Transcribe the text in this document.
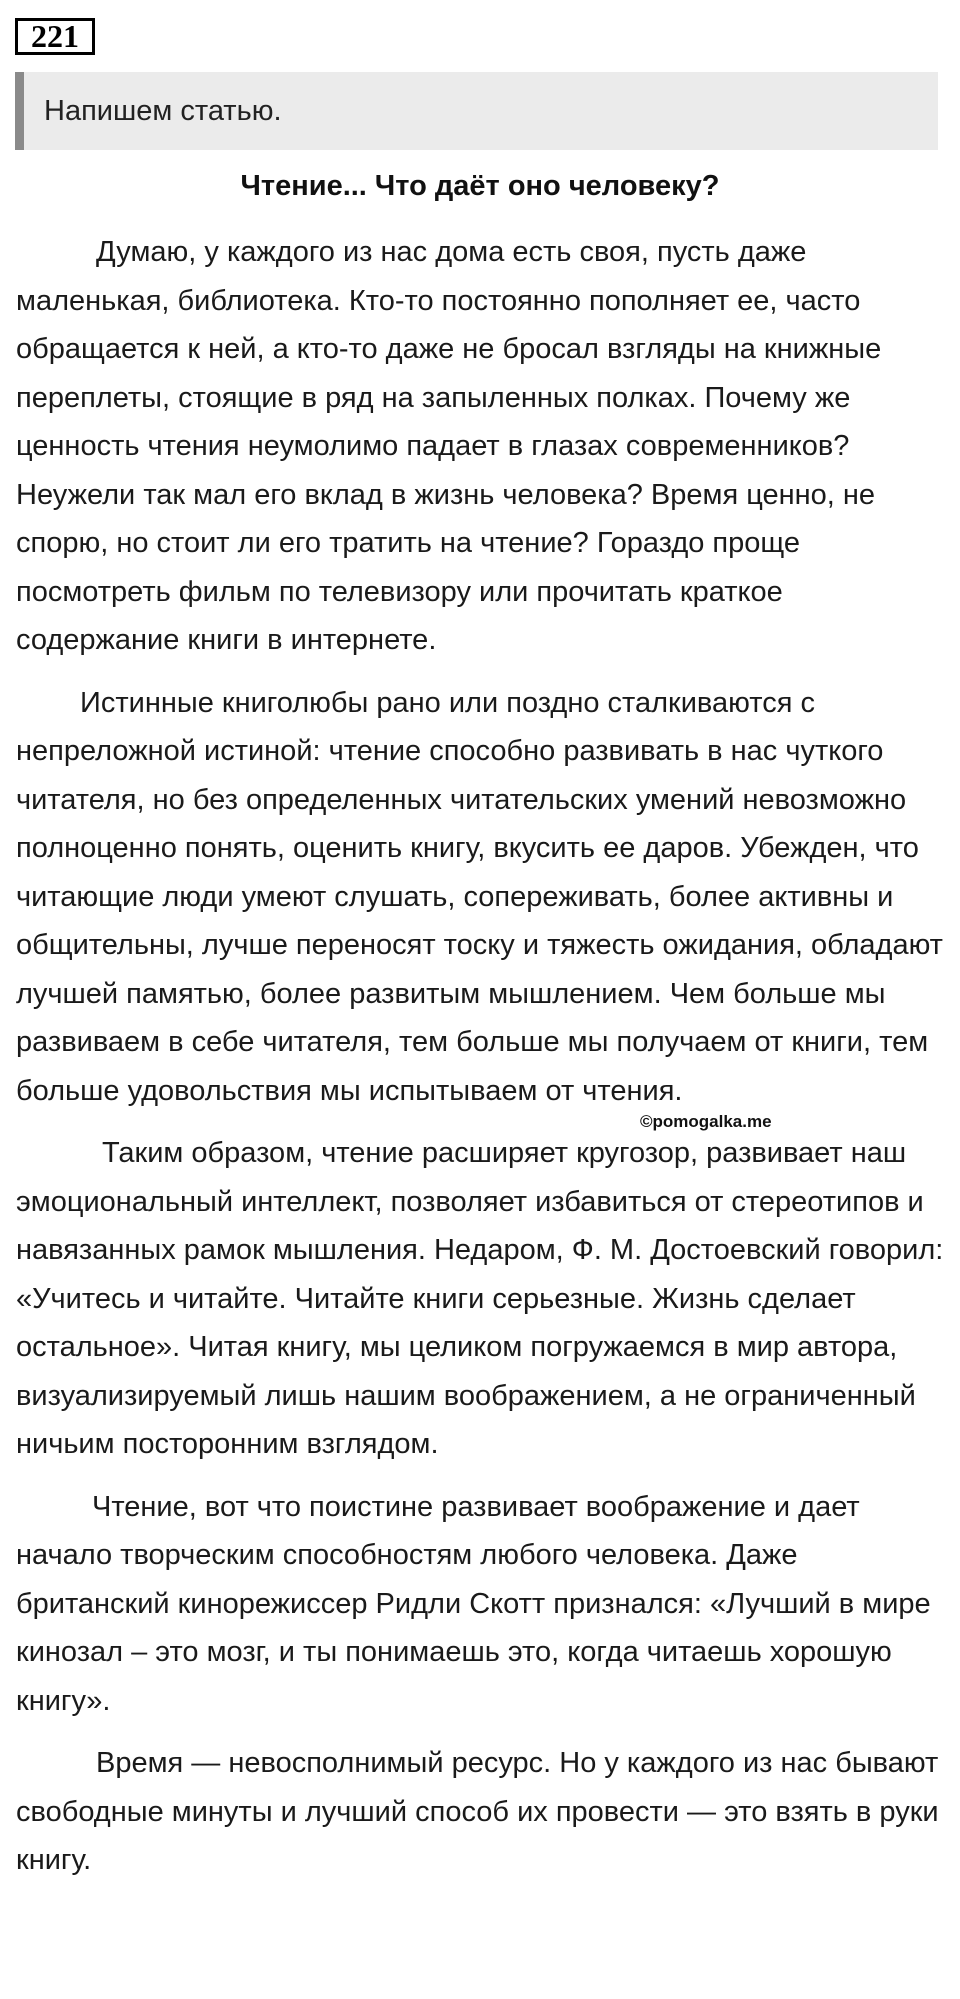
221
Напишем статью.
Чтение... Что даёт оно человеку?

Думаю, у каждого из нас дома есть своя, пусть даже маленькая, библиотека. Кто-то постоянно пополняет ее, часто обращается к ней, а кто-то даже не бросал взгляды на книжные переплеты, стоящие в ряд на запыленных полках. Почему же ценность чтения неумолимо падает в глазах современников? Неужели так мал его вклад в жизнь человека? Время ценно, не спорю, но стоит ли его тратить на чтение? Гораздо проще посмотреть фильм по телевизору или прочитать краткое содержание книги в интернете.

Истинные книголюбы рано или поздно сталкиваются с непреложной истиной: чтение способно развивать в нас чуткого читателя, но без определенных читательских умений невозможно полноценно понять, оценить книгу, вкусить ее даров. Убежден, что читающие люди умеют слушать, сопереживать, более активны и общительны, лучше переносят тоску и тяжесть ожидания, обладают лучшей памятью, более развитым мышлением. Чем больше мы развиваем в себе читателя, тем больше мы получаем от книги, тем больше удовольствия мы испытываем от чтения.

Таким образом, чтение расширяет кругозор, развивает наш эмоциональный интеллект, позволяет избавиться от стереотипов и навязанных рамок мышления. Недаром, Ф. М. Достоевский говорил: «Учитесь и читайте. Читайте книги серьезные. Жизнь сделает остальное». Читая книгу, мы целиком погружаемся в мир автора, визуализируемый лишь нашим воображением, а не ограниченный ничьим посторонним взглядом.

Чтение, вот что поистине развивает воображение и дает начало творческим способностям любого человека. Даже британский кинорежиссер Ридли Скотт признался: «Лучший в мире кинозал – это мозг, и ты понимаешь это, когда читаешь хорошую книгу».

Время — невосполнимый ресурс. Но у каждого из нас бывают свободные минуты и лучший способ их провести — это взять в руки книгу.

©pomogalka.me
